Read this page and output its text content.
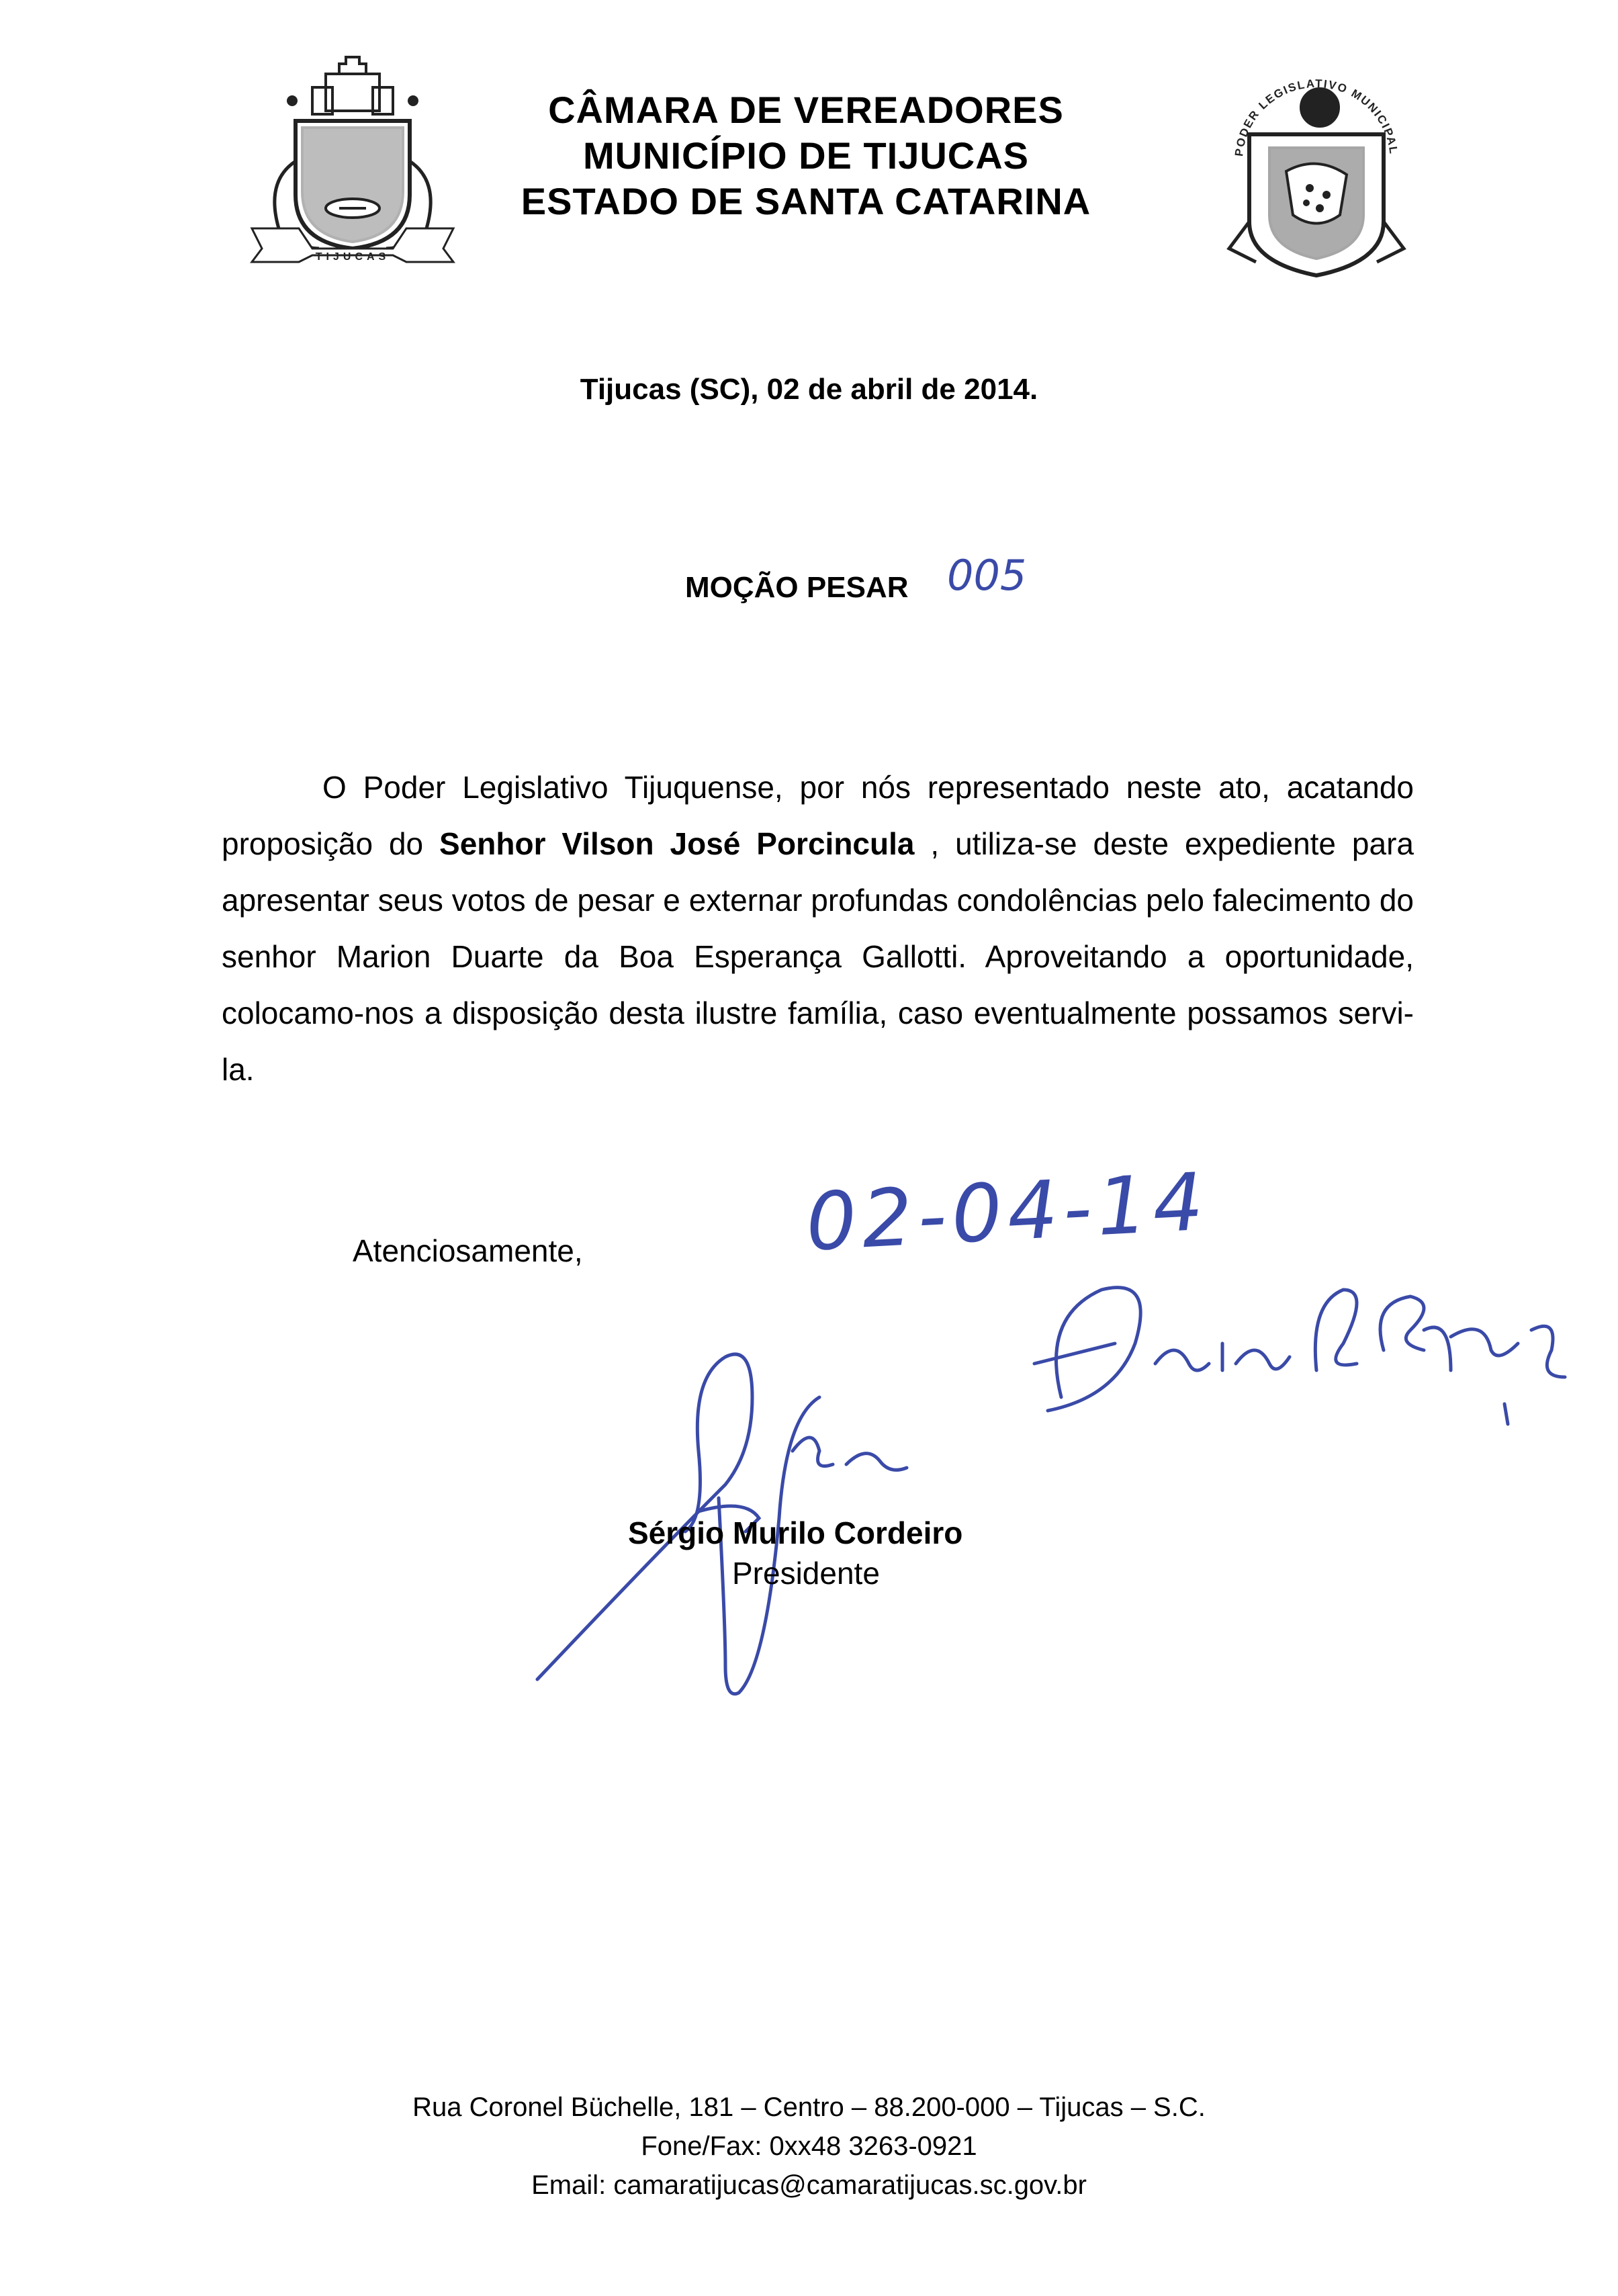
TIJUCAS
CÂMARA DE VEREADORES
MUNICÍPIO DE TIJUCAS
ESTADO DE SANTA CATARINA
PODER LEGISLATIVO MUNICIPAL
Tijucas (SC), 02 de abril de 2014.
MOÇÃO PESAR 005

O Poder Legislativo Tijuquense, por nós representado neste ato, acatando proposição do Senhor Vilson José Porcincula , utiliza-se deste expediente para apresentar seus votos de pesar e externar profundas condolências pelo falecimento do senhor Marion Duarte da Boa Esperança Gallotti. Aproveitando a oportunidade, colocamo-nos a disposição desta ilustre família, caso eventualmente possamos servi-la.

Atenciosamente,	02-04-14
Sérgio Murilo Cordeiro
Presidente
Rua Coronel Büchelle, 181 – Centro – 88.200-000 – Tijucas – S.C.
Fone/Fax: 0xx48 3263-0921
Email: camaratijucas@camaratijucas.sc.gov.br
